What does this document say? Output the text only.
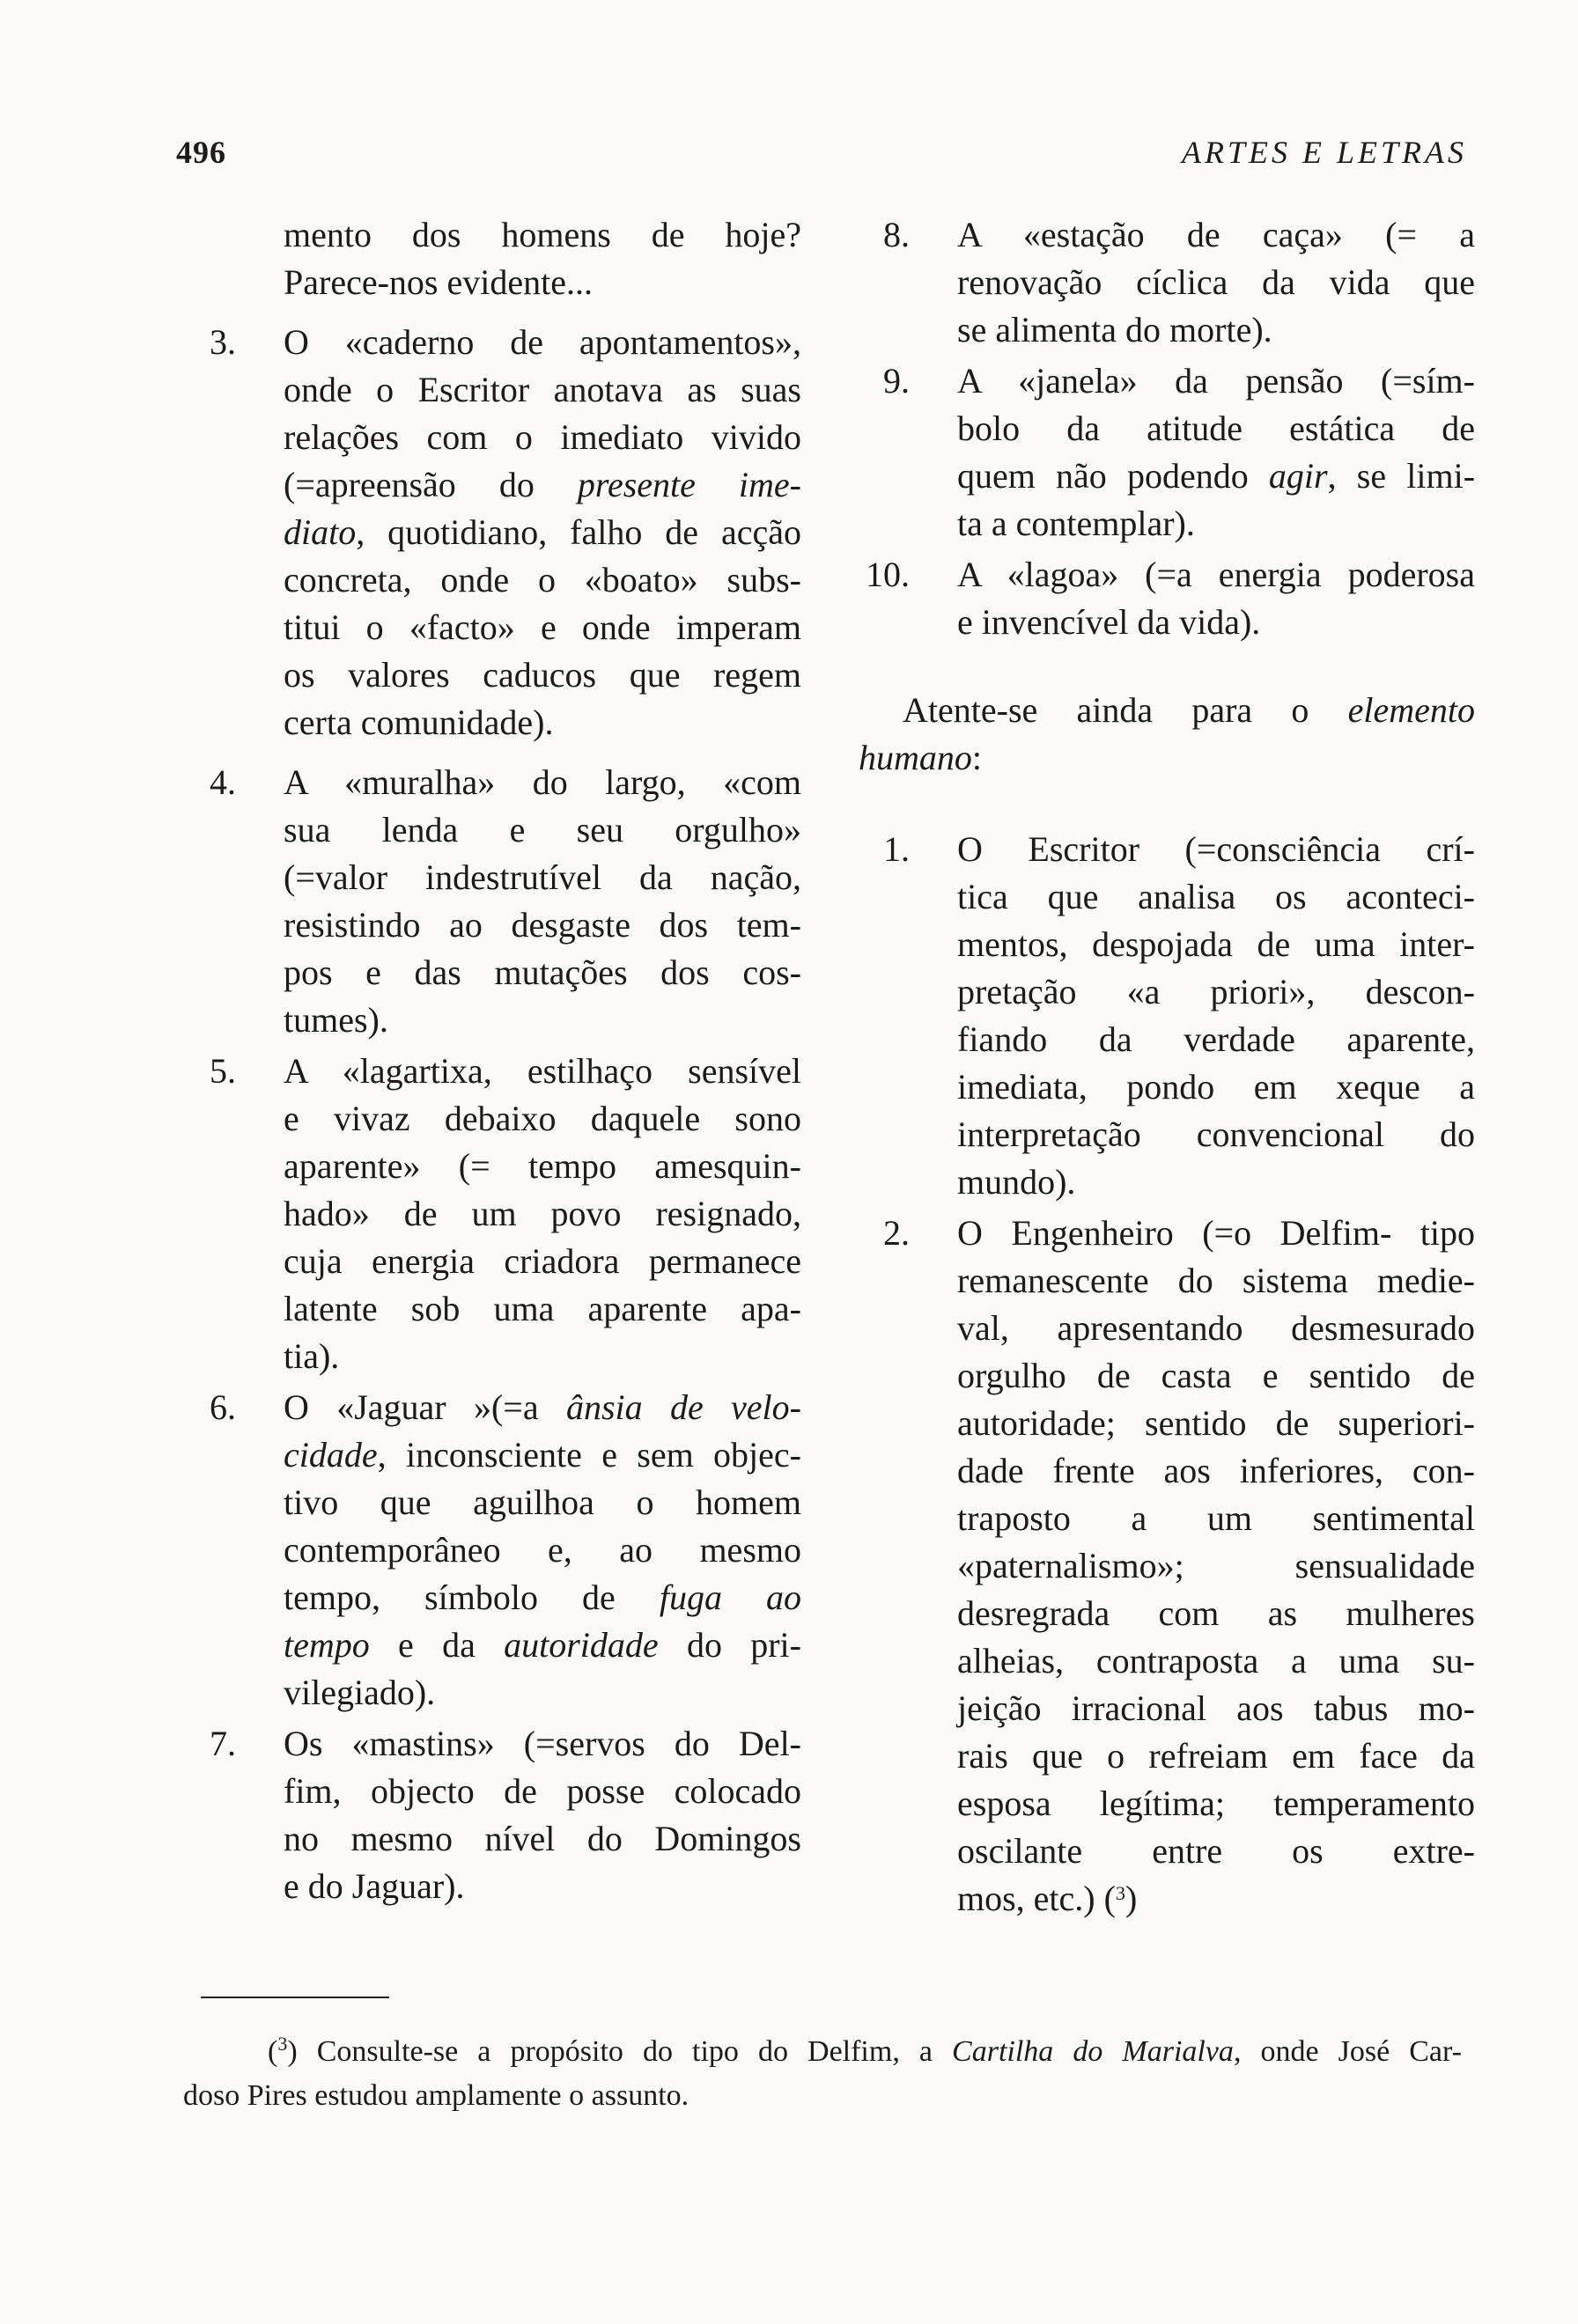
496	ARTES E LETRAS
mento dos homens de hoje?
Parece-nos evidente...
3. O «caderno de apontamentos»,
onde o Escritor anotava as suas
relações com o imediato vivido
(=apreensão do presente ime-
diato, quotidiano, falho de acção
concreta, onde o «boato» subs-
titui o «facto» e onde imperam
os valores caducos que regem
certa comunidade).
4. A «muralha» do largo, «com
sua lenda e seu orgulho»
(=valor indestrutível da nação,
resistindo ao desgaste dos tem-
pos e das mutações dos cos-
tumes).
5. A «lagartixa, estilhaço sensível
e vivaz debaixo daquele sono
aparente» (= tempo amesquin-
hado» de um povo resignado,
cuja energia criadora permanece
latente sob uma aparente apa-
tia).
6. O «Jaguar »(=a ânsia de velo-
cidade, inconsciente e sem objec-
tivo que aguilhoa o homem
contemporâneo e, ao mesmo
tempo, símbolo de fuga ao
tempo e da autoridade do pri-
vilegiado).
7. Os «mastins» (=servos do Del-
fim, objecto de posse colocado
no mesmo nível do Domingos
e do Jaguar).
8. A «estação de caça» (= a
renovação cíclica da vida que
se alimenta do morte).
9. A «janela» da pensão (=sím-
bolo da atitude estática de
quem não podendo agir, se limi-
ta a contemplar).
10. A «lagoa» (=a energia poderosa
e invencível da vida).
Atente-se ainda para o elemento
humano:
1. O Escritor (=consciência crí-
tica que analisa os aconteci-
mentos, despojada de uma inter-
pretação «a priori», descon-
fiando da verdade aparente,
imediata, pondo em xeque a
interpretação convencional do
mundo).
2. O Engenheiro (=o Delfim- tipo
remanescente do sistema medie-
val, apresentando desmesurado
orgulho de casta e sentido de
autoridade; sentido de superiori-
dade frente aos inferiores, con-
traposto a um sentimental
«paternalismo»; sensualidade
desregrada com as mulheres
alheias, contraposta a uma su-
jeição irracional aos tabus mo-
rais que o refreiam em face da
esposa legítima; temperamento
oscilante entre os extre-
mos, etc.) ($^3$)
($^3$) Consulte-se a propósito do tipo do Delfim, a Cartilha do Marialva, onde José Car-
doso Pires estudou amplamente o assunto.
